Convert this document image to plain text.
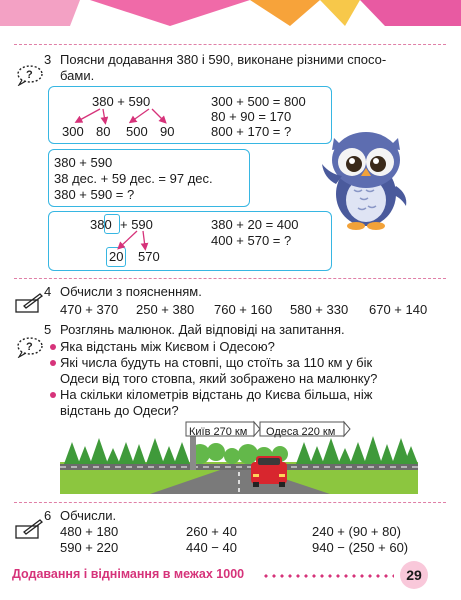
3 Поясни додавання 380 і 590, виконане різними спосо-
бами.
?
380 + 590
300 80 500 90
300 + 500 = 800
80 + 90 = 170
800 + 170 = ?
380 + 590
38 дес. + 59 дес. = 97 дес.
380 + 590 = ?
380 + 590
20 570
380 + 20 = 400
400 + 570 = ?
4 Обчисли з поясненням.
470 + 370 250 + 380 760 + 160 580 + 330 670 + 140
5 Розглянь малюнок. Дай відповіді на запитання.
? Яка відстань між Києвом і Одесою?
Які числа будуть на стовпі, що стоїть за 110 км у бік
Одеси від того стовпа, який зображено на малюнку?
На скільки кілометрів відстань до Києва більша, ніж
відстань до Одеси?
Київ 270 км Одеса 220 км
6 Обчисли.
480 + 180
590 + 220
260 + 40
440 − 40
240 + (90 + 80)
940 − (250 + 60)
Додавання і віднімання в межах 1000	29
